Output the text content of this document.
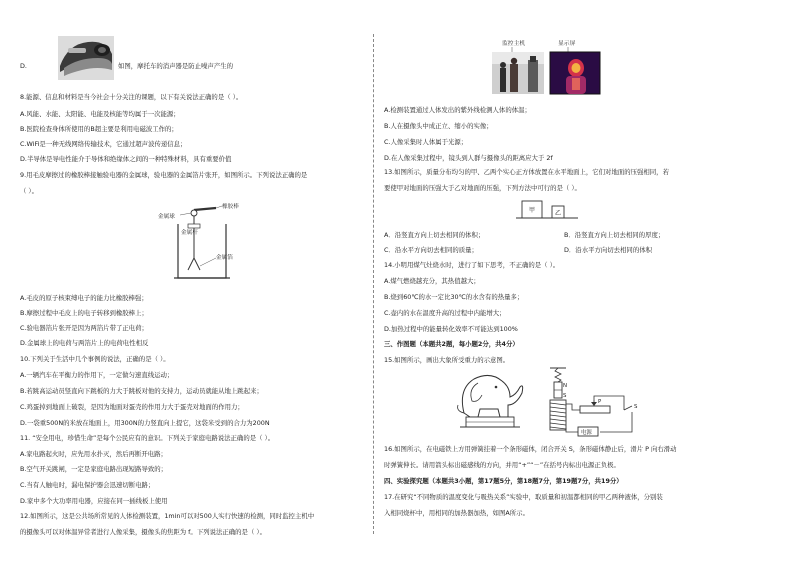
D.	如图，摩托车的消声器是防止噪声产生的
8.能源、信息和材料是当今社会十分关注的课题，以下有关说法正确的是（ ）。
A.风能、水能、太阳能、电能及核能等均属于一次能源；
B.医院检查身体所使用的B超主要是利用电磁波工作的；
C.WiFi是一种无线网络传输技术，它通过超声波传递信息；
D.半导体是导电性能介于导体和绝缘体之间的一种特殊材料，具有重要价值
9.用毛皮摩擦过的橡胶棒接触验电器的金属球，验电器的金属箔片张开，如图所示。下列说法正确的是
（ ）。
金属球
橡胶棒
金属杆
金属箔
A.毛皮的原子核束缚电子的能力比橡胶棒强；
B.摩擦过程中毛皮上的电子转移到橡胶棒上；
C.验电器箔片张开是因为两箔片带了正电荷；
D.金属球上的电荷与两箔片上的电荷电性相反
10.下列关于生活中几个事例的说法，正确的是（ ）。
A.一辆汽车在平衡力的作用下，一定做匀速直线运动；
B.若跳高运动员竖直向下跳板的力大于跳板对他的支持力，运动员就能从地上跳起来；
C.鸡蛋掉到地面上破裂，是因为地面对蛋壳的作用力大于蛋壳对地面的作用力；
D.一袋重500N的米放在地面上，用300N的力竖直向上提它，这袋米受到的合力为200N
11. “安全用电，珍惜生命”是每个公民应有的意识。下列关于家庭电路说法正确的是（ ）。
A.家电路起火时，应先用水扑灭，然后再断开电路；
B.空气开关跳闸，一定是家庭电路出现短路导致的；
C.当有人触电时，漏电保护器会迅速切断电路；
D.家中多个大功率用电器，应接在同一插线板上使用
12.如图所示，这是公共场所常见的人体检测装置，1min可以对500人实行快速的检测，同时监控主机中
的摄像头可以对体温异常者进行人像采集，摄像头的焦距为 f。下列说法正确的是（ ）。
监控主机	显示屏
A.检测装置通过人体发出的紫外线检测人体的体温；
B.人在摄像头中成正立、缩小的实像；
C.人像采集时人体属于光源；
D.在人像采集过程中，镜头到人群与摄像头的距离应大于 2f
13.如图所示，质量分布均匀的甲、乙两个实心正方体放置在水平地面上，它们对地面的压强相同，若
要使甲对地面的压强大于乙对地面的压强，下列方法中可行的是（ ）。
甲	乙
A．沿竖直方向上切去相同的体积；	B．沿竖直方向上切去相同的厚度；
C．沿水平方向切去相同的质量；	D．沿水平方向切去相同的体积
14.小明用煤气灶烧水时，进行了如下思考，不正确的是（ ）。
A.煤气燃烧越充分，其热值越大；
B.烧到60℃的水一定比30℃的水含有的热量多；
C.壶内的水在温度升高的过程中内能增大；
D.加热过程中的能量转化效率不可能达到100%
三、作图题（本题共2题，每小题2分，共4分）
15.如图所示，画出大象所受重力的示意图。
N
S
P
S
电源
16.如图所示，在电磁铁上方用弹簧挂着一个条形磁体，闭合开关 S，条形磁体静止后，滑片 P 向右滑动
时弹簧伸长。请用箭头标出磁感线的方向，并用“+”“－”在括号内标出电源正负极。
四、实验探究题（本题共3小题，第17题5分，第18题7分，第19题7分，共19分）
17.在研究“不同物质的温度变化与吸热关系”实验中，取质量和初温都相同的甲乙两种液体，分别装
入相同烧杯中，用相同的加热器加热，如图A所示。
